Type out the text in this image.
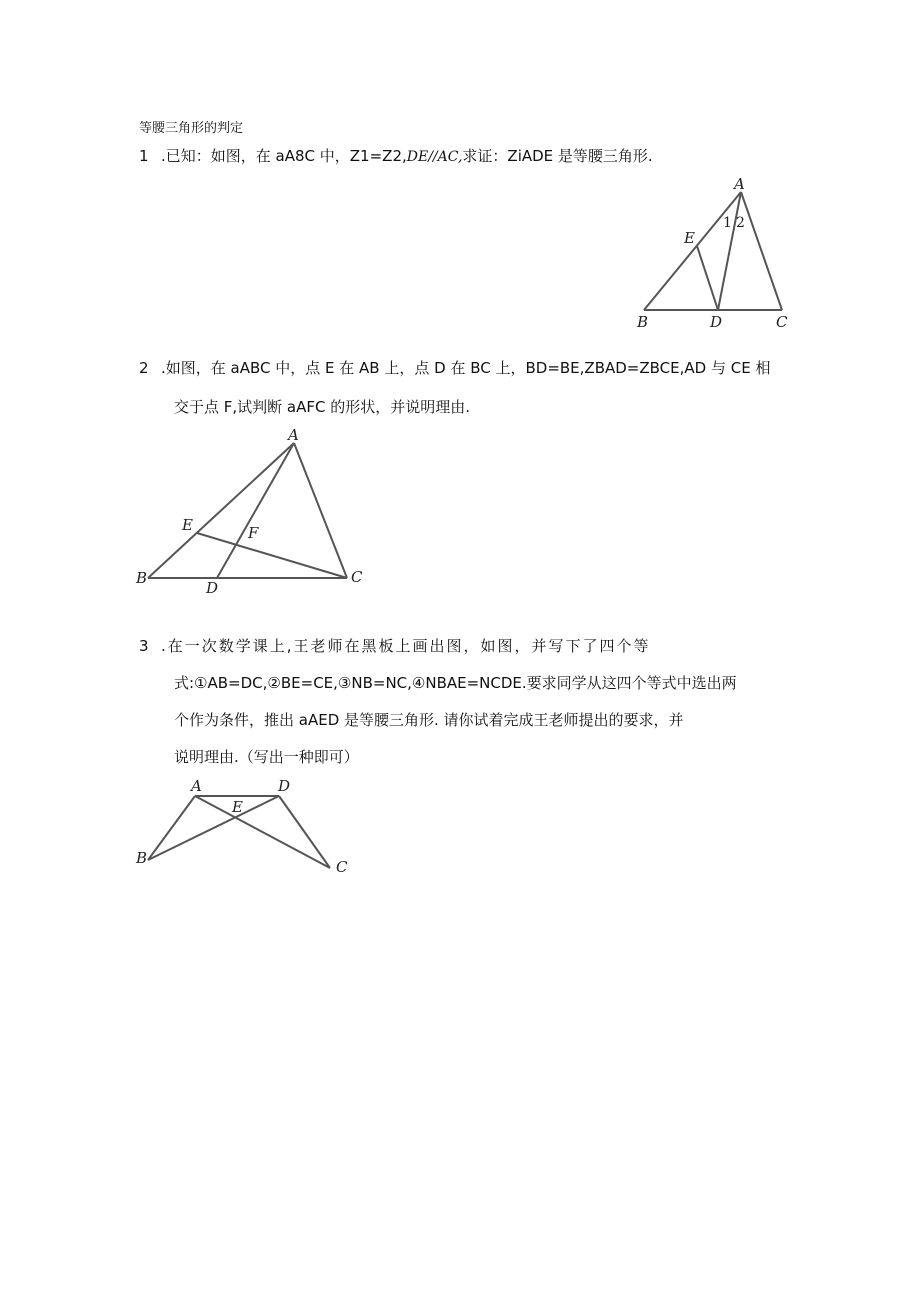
等腰三角形的判定
1 .已知：如图，在 aA8C 中，Z1=Z2,DE//AC,求证：ZiADE 是等腰三角形.
A
B	C
D
E
1 2
A
B	C
D
E	F
A	D
E
B	C
2 .如图，在 aABC 中，点 E 在 AB 上，点 D 在 BC 上，BD=BE,ZBAD=ZBCE,AD 与 CE 相
交于点 F,试判断 aAFC 的形状，并说明理由.
3 .在一次数学课上,王老师在黑板上画出图，如图，并写下了四个等
式:①AB=DC,②BE=CE,③NB=NC,④NBAE=NCDE.要求同学从这四个等式中选出两
个作为条件，推出 aAED 是等腰三角形. 请你试着完成王老师提出的要求，并
说明理由.（写出一种即可）
